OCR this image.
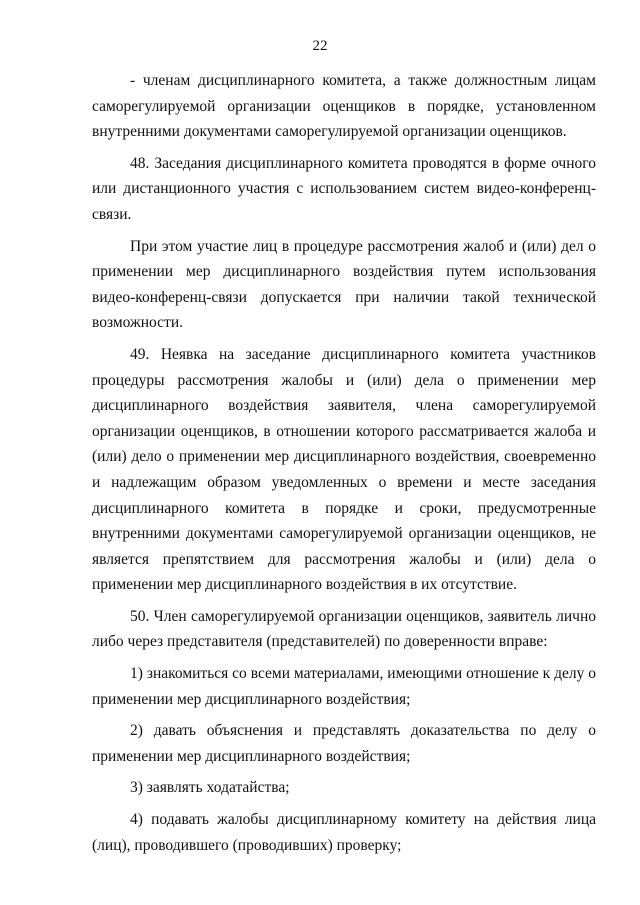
22

- членам дисциплинарного комитета, а также должностным лицам саморегулируемой организации оценщиков в порядке, установленном внутренними документами саморегулируемой организации оценщиков.

48. Заседания дисциплинарного комитета проводятся в форме очного или дистанционного участия с использованием систем видео-конференц-связи.

При этом участие лиц в процедуре рассмотрения жалоб и (или) дел о применении мер дисциплинарного воздействия путем использования видео-конференц-связи допускается при наличии такой технической возможности.

49. Неявка на заседание дисциплинарного комитета участников процедуры рассмотрения жалобы и (или) дела о применении мер дисциплинарного воздействия заявителя, члена саморегулируемой организации оценщиков, в отношении которого рассматривается жалоба и (или) дело о применении мер дисциплинарного воздействия, своевременно и надлежащим образом уведомленных о времени и месте заседания дисциплинарного комитета в порядке и сроки, предусмотренные внутренними документами саморегулируемой организации оценщиков, не является препятствием для рассмотрения жалобы и (или) дела о применении мер дисциплинарного воздействия в их отсутствие.

50. Член саморегулируемой организации оценщиков, заявитель лично либо через представителя (представителей) по доверенности вправе:

1) знакомиться со всеми материалами, имеющими отношение к делу о применении мер дисциплинарного воздействия;

2) давать объяснения и представлять доказательства по делу о применении мер дисциплинарного воздействия;

3) заявлять ходатайства;

4) подавать жалобы дисциплинарному комитету на действия лица (лиц), проводившего (проводивших) проверку;
